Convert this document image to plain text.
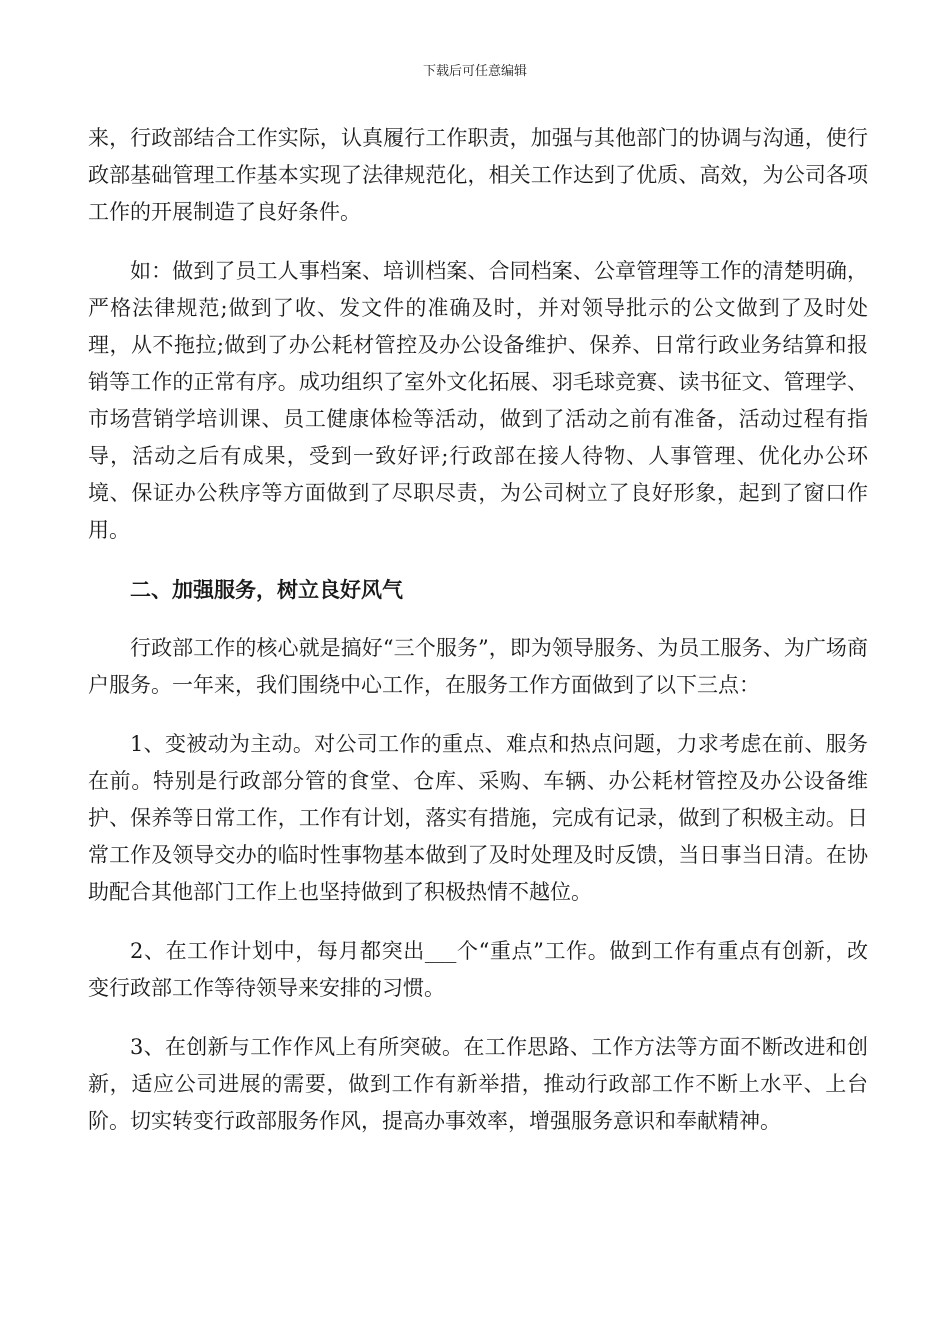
下载后可任意编辑

来，行政部结合工作实际，认真履行工作职责，加强与其他部门的协调与沟通，使行政部基础管理工作基本实现了法律规范化，相关工作达到了优质、高效，为公司各项工作的开展制造了良好条件。

如：做到了员工人事档案、培训档案、合同档案、公章管理等工作的清楚明确，严格法律规范;做到了收、发文件的准确及时，并对领导批示的公文做到了及时处理，从不拖拉;做到了办公耗材管控及办公设备维护、保养、日常行政业务结算和报销等工作的正常有序。成功组织了室外文化拓展、羽毛球竞赛、读书征文、管理学、市场营销学培训课、员工健康体检等活动，做到了活动之前有准备，活动过程有指导，活动之后有成果，受到一致好评;行政部在接人待物、人事管理、优化办公环境、保证办公秩序等方面做到了尽职尽责，为公司树立了良好形象，起到了窗口作用。

二、加强服务，树立良好风气

行政部工作的核心就是搞好“三个服务”，即为领导服务、为员工服务、为广场商户服务。一年来，我们围绕中心工作，在服务工作方面做到了以下三点：

1、变被动为主动。对公司工作的重点、难点和热点问题，力求考虑在前、服务在前。特别是行政部分管的食堂、仓库、采购、车辆、办公耗材管控及办公设备维护、保养等日常工作，工作有计划，落实有措施，完成有记录，做到了积极主动。日常工作及领导交办的临时性事物基本做到了及时处理及时反馈，当日事当日清。在协助配合其他部门工作上也坚持做到了积极热情不越位。

2、在工作计划中，每月都突出___个“重点”工作。做到工作有重点有创新，改变行政部工作等待领导来安排的习惯。

3、在创新与工作作风上有所突破。在工作思路、工作方法等方面不断改进和创新，适应公司进展的需要，做到工作有新举措，推动行政部工作不断上水平、上台阶。切实转变行政部服务作风，提高办事效率，增强服务意识和奉献精神。
